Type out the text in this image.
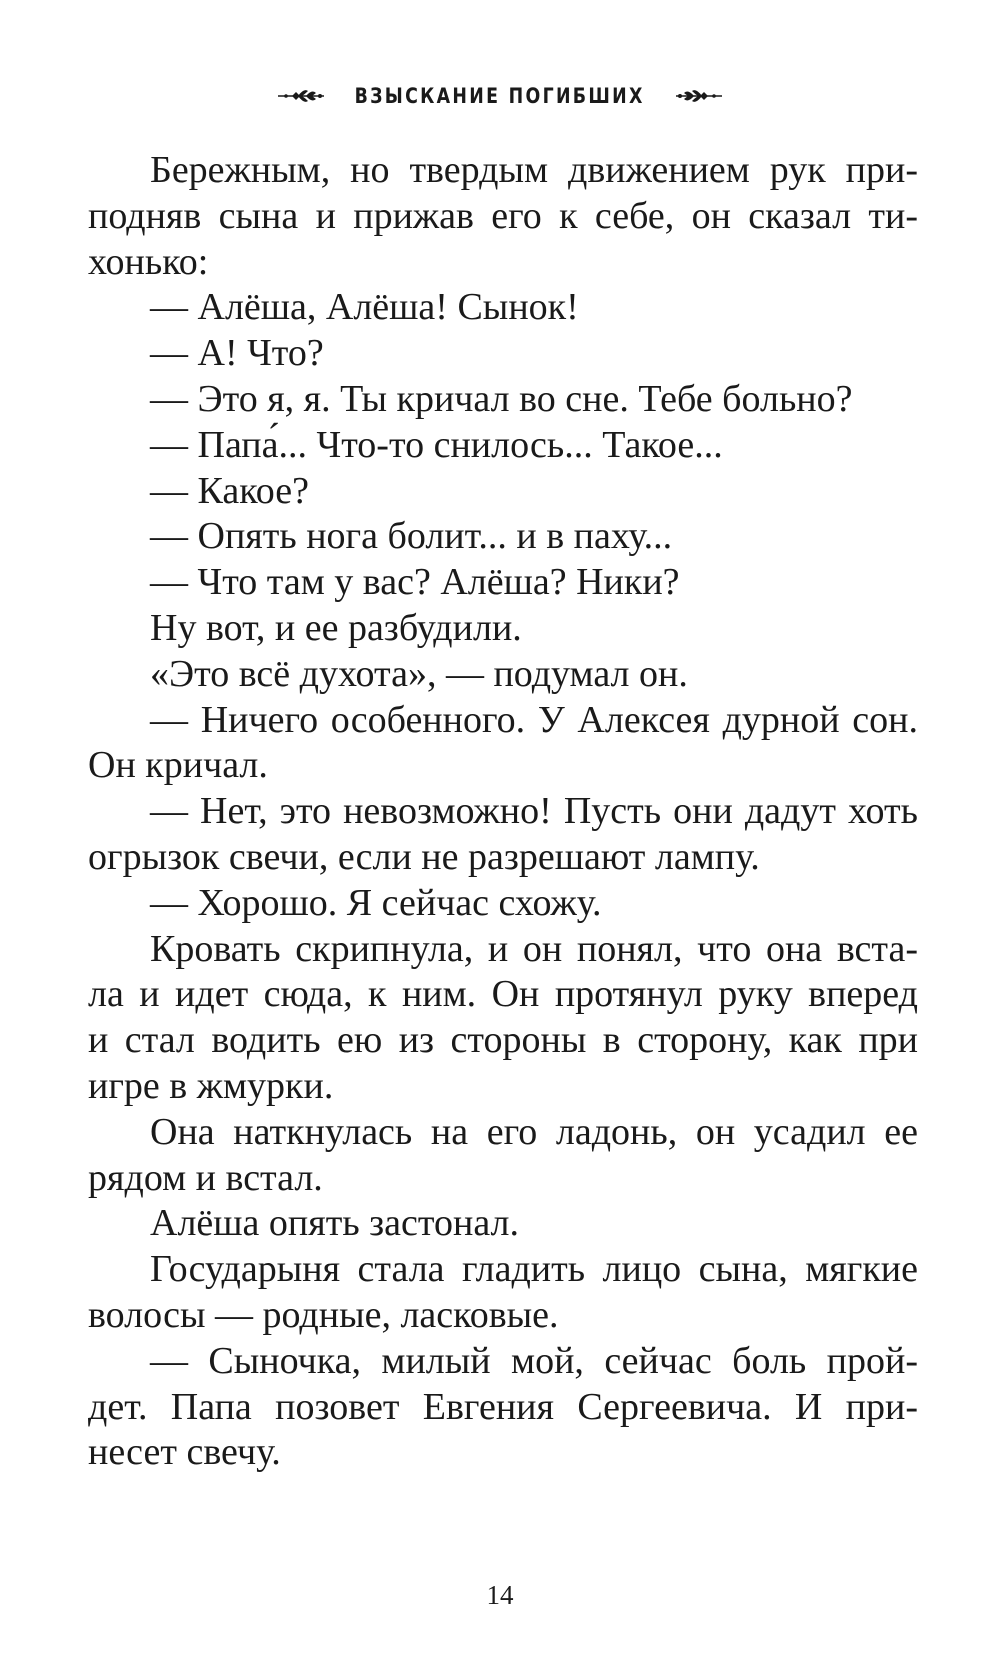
ВЗЫСКАНИЕ ПОГИБШИХ
Бережным, но твердым движением рук при-
подняв сына и прижав его к себе, он сказал ти-
хонько:
— Алёша, Алёша! Сынок!
— А! Что?
— Это я, я. Ты кричал во сне. Тебе больно?
— Папа́... Что-то снилось... Такое...
— Какое?
— Опять нога болит... и в паху...
— Что там у вас? Алёша? Ники?
Ну вот, и ее разбудили.
«Это всё духота», — подумал он.
— Ничего особенного. У Алексея дурной сон.
Он кричал.
— Нет, это невозможно! Пусть они дадут хоть
огрызок свечи, если не разрешают лампу.
— Хорошо. Я сейчас схожу.
Кровать скрипнула, и он понял, что она вста-
ла и идет сюда, к ним. Он протянул руку вперед
и стал водить ею из стороны в сторону, как при
игре в жмурки.
Она наткнулась на его ладонь, он усадил ее
рядом и встал.
Алёша опять застонал.
Государыня стала гладить лицо сына, мягкие
волосы — родные, ласковые.
— Сыночка, милый мой, сейчас боль прой-
дет. Папа позовет Евгения Сергеевича. И при-
несет свечу.
14
